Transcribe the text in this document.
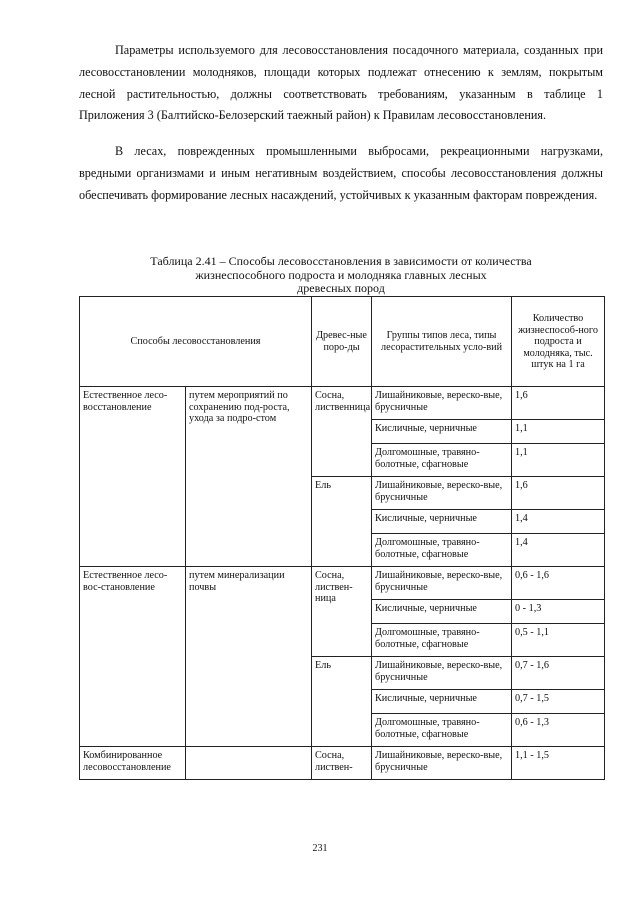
Параметры используемого для лесовосстановления посадочного материала, созданных при лесовосстановлении молодняков, площади которых подлежат отнесению к землям, покрытым лесной растительностью, должны соответствовать требованиям, указанным в таблице 1 Приложения 3 (Балтийско-Белозерский таежный район) к Правилам лесовосстановления.

В лесах, поврежденных промышленными выбросами, рекреационными нагрузками, вредными организмами и иным негативным воздействием, способы лесовосстановления должны обеспечивать формирование лесных насаждений, устойчивых к указанным факторам повреждения.

Таблица 2.41 – Способы лесовосстановления в зависимости от количества
жизнеспособного подроста и молодняка главных лесных
древесных пород
Способы лесовосстановления		Древес-ные поро-ды	Группы типов леса, типы лесорастительных усло-вий	Количество жизнеспособ-ного подроста и молодняка, тыс. штук на 1 га
Естественное лесо-восстановление	путем мероприятий по сохранению под-роста, ухода за подро-стом	Сосна, лиственница	Лишайниковые, вереско-вые, брусничные	1,6
			Кисличные, черничные	1,1
			Долгомошные, травяно-болотные, сфагновые	1,1
		Ель	Лишайниковые, вереско-вые, брусничные	1,6
			Кисличные, черничные	1,4
			Долгомошные, травяно-болотные, сфагновые	1,4
Естественное лесо-вос-становление	путем минерализации почвы	Сосна, листвен-ница	Лишайниковые, вереско-вые, брусничные	0,6 - 1,6
			Кисличные, черничные	0 - 1,3
			Долгомошные, травяно-болотные, сфагновые	0,5 - 1,1
		Ель	Лишайниковые, вереско-вые, брусничные	0,7 - 1,6
			Кисличные, черничные	0,7 - 1,5
			Долгомошные, травяно-болотные, сфагновые	0,6 - 1,3
Комбинированное лесовосстановление		Сосна, листвен-	Лишайниковые, вереско-вые, брусничные	1,1 - 1,5
231
